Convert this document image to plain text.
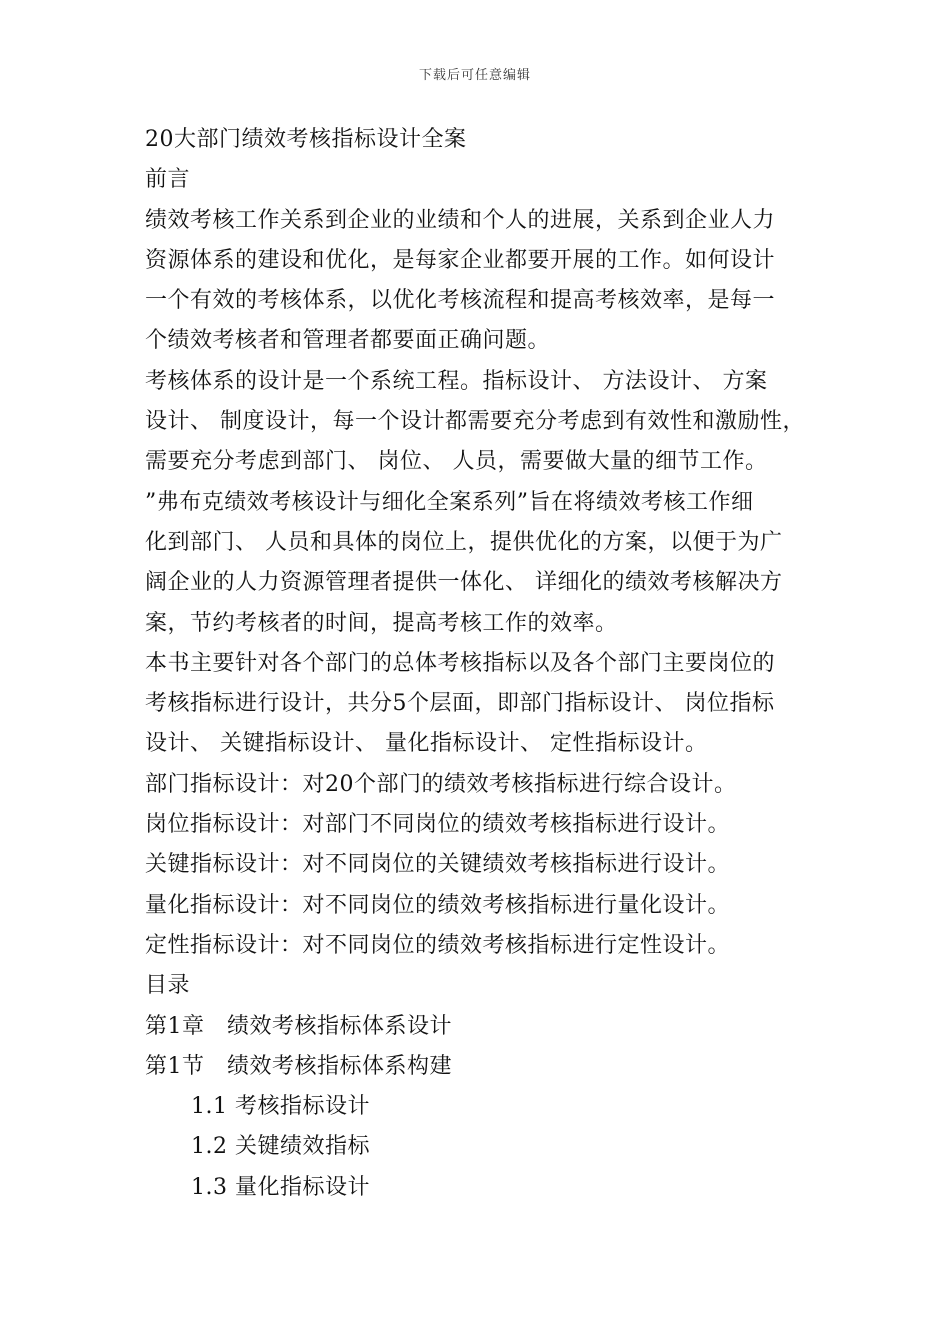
下载后可任意编辑
20大部门绩效考核指标设计全案
前言
绩效考核工作关系到企业的业绩和个人的进展，关系到企业人力
资源体系的建设和优化，是每家企业都要开展的工作。如何设计
一个有效的考核体系，以优化考核流程和提高考核效率，是每一
个绩效考核者和管理者都要面正确问题。
考核体系的设计是一个系统工程。指标设计、 方法设计、 方案
设计、 制度设计，每一个设计都需要充分考虑到有效性和激励性，
需要充分考虑到部门、 岗位、 人员，需要做大量的细节工作。
”弗布克绩效考核设计与细化全案系列”旨在将绩效考核工作细
化到部门、 人员和具体的岗位上，提供优化的方案，以便于为广
阔企业的人力资源管理者提供一体化、 详细化的绩效考核解决方
案，节约考核者的时间，提高考核工作的效率。
本书主要针对各个部门的总体考核指标以及各个部门主要岗位的
考核指标进行设计，共分5个层面，即部门指标设计、 岗位指标
设计、 关键指标设计、 量化指标设计、 定性指标设计。
部门指标设计：对20个部门的绩效考核指标进行综合设计。
岗位指标设计：对部门不同岗位的绩效考核指标进行设计。
关键指标设计：对不同岗位的关键绩效考核指标进行设计。
量化指标设计：对不同岗位的绩效考核指标进行量化设计。
定性指标设计：对不同岗位的绩效考核指标进行定性设计。
目录
第1章　绩效考核指标体系设计
第1节　绩效考核指标体系构建
1.1 考核指标设计
1.2 关键绩效指标
1.3 量化指标设计
